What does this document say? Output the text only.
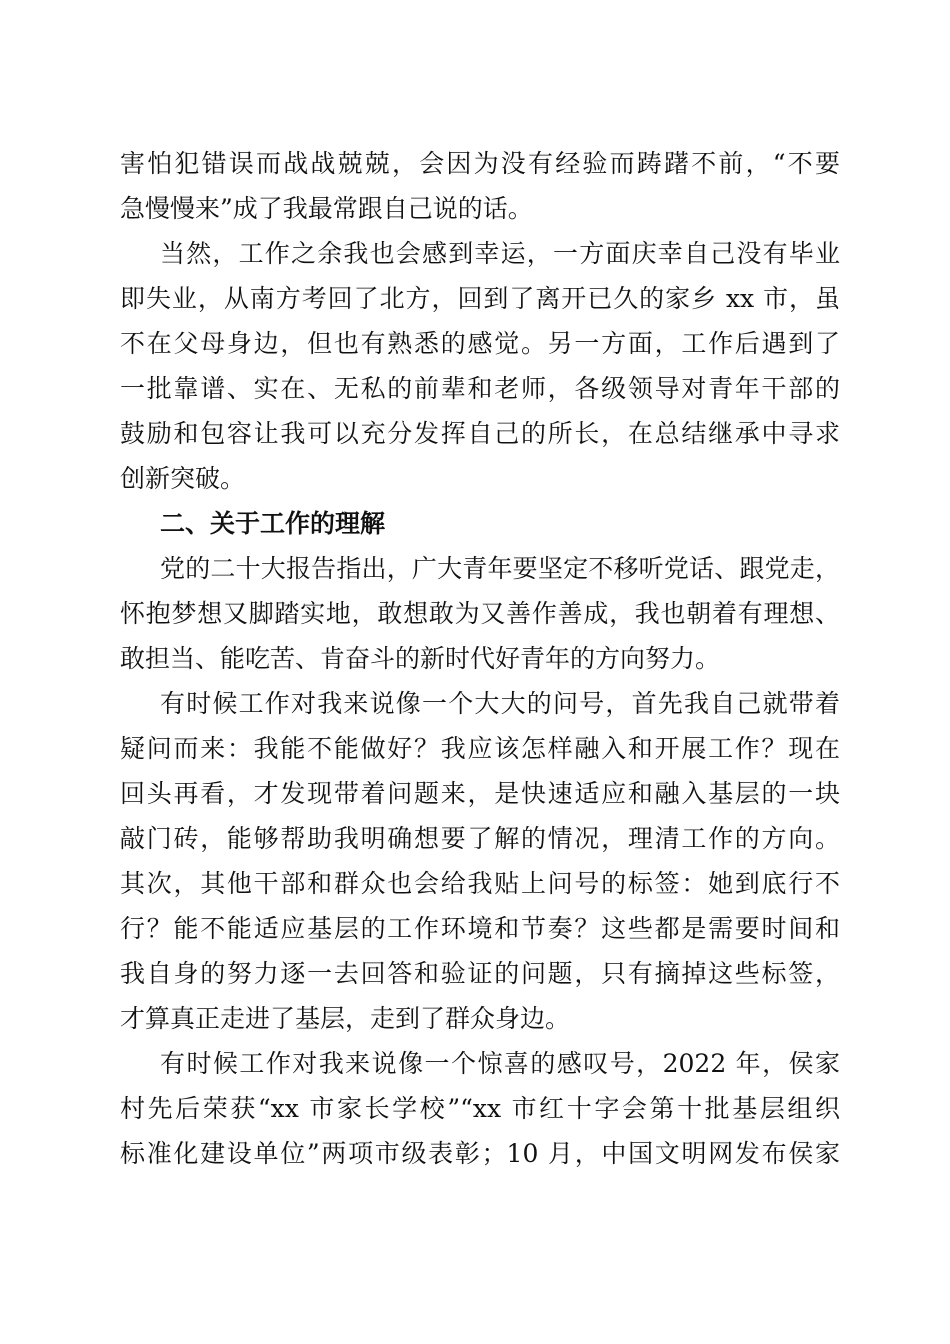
害怕犯错误而战战兢兢，会因为没有经验而踌躇不前，“不要
急慢慢来”成了我最常跟自己说的话。
当然，工作之余我也会感到幸运，一方面庆幸自己没有毕业
即失业，从南方考回了北方，回到了离开已久的家乡 xx 市，虽
不在父母身边，但也有熟悉的感觉。另一方面，工作后遇到了
一批靠谱、实在、无私的前辈和老师，各级领导对青年干部的
鼓励和包容让我可以充分发挥自己的所长，在总结继承中寻求
创新突破。
二、关于工作的理解
党的二十大报告指出，广大青年要坚定不移听党话、跟党走，
怀抱梦想又脚踏实地，敢想敢为又善作善成，我也朝着有理想、
敢担当、能吃苦、肯奋斗的新时代好青年的方向努力。
有时候工作对我来说像一个大大的问号，首先我自己就带着
疑问而来：我能不能做好？我应该怎样融入和开展工作？现在
回头再看，才发现带着问题来，是快速适应和融入基层的一块
敲门砖，能够帮助我明确想要了解的情况，理清工作的方向。
其次，其他干部和群众也会给我贴上问号的标签：她到底行不
行？能不能适应基层的工作环境和节奏？这些都是需要时间和
我自身的努力逐一去回答和验证的问题，只有摘掉这些标签，
才算真正走进了基层，走到了群众身边。
有时候工作对我来说像一个惊喜的感叹号，2022 年，侯家
村先后荣获“xx 市家长学校”“xx 市红十字会第十批基层组织
标准化建设单位”两项市级表彰；10 月，中国文明网发布侯家
